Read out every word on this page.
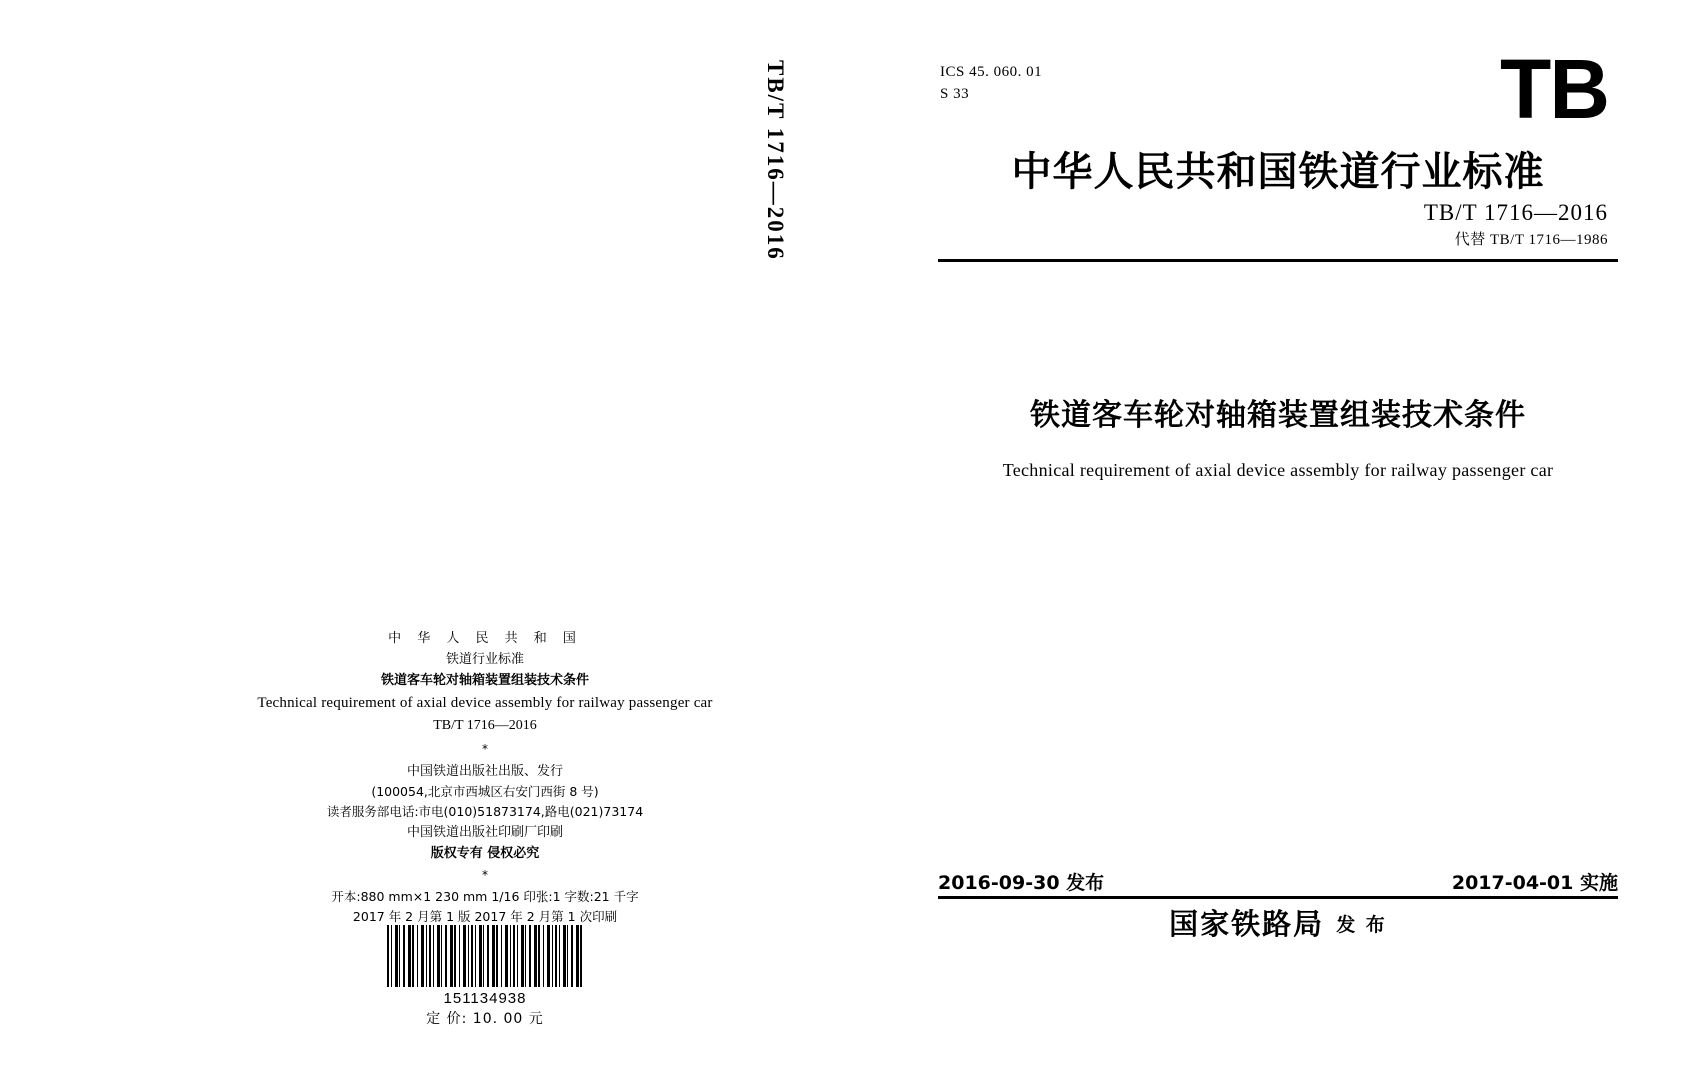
TB/T 1716—2016	ICS 45. 060. 01
S 33	TB
中华人民共和国铁道行业标准
TB/T 1716—2016
代替 TB/T 1716—1986
铁道客车轮对轴箱装置组装技术条件
Technical requirement of axial device assembly for railway passenger car
2016-09-30 发布	2017-04-01 实施
国家铁路局 发 布
中 华 人 民 共 和 国
铁道行业标准
铁道客车轮对轴箱装置组装技术条件
Technical requirement of axial device assembly for railway passenger car
TB/T 1716—2016
*
中国铁道出版社出版、发行
(100054,北京市西城区右安门西街 8 号)
读者服务部电话:市电(010)51873174,路电(021)73174
中国铁道出版社印刷厂印刷
版权专有 侵权必究
*
开本:880 mm×1 230 mm 1/16 印张:1 字数:21 千字
2017 年 2 月第 1 版 2017 年 2 月第 1 次印刷
151134938
定 价: 10. 00 元
